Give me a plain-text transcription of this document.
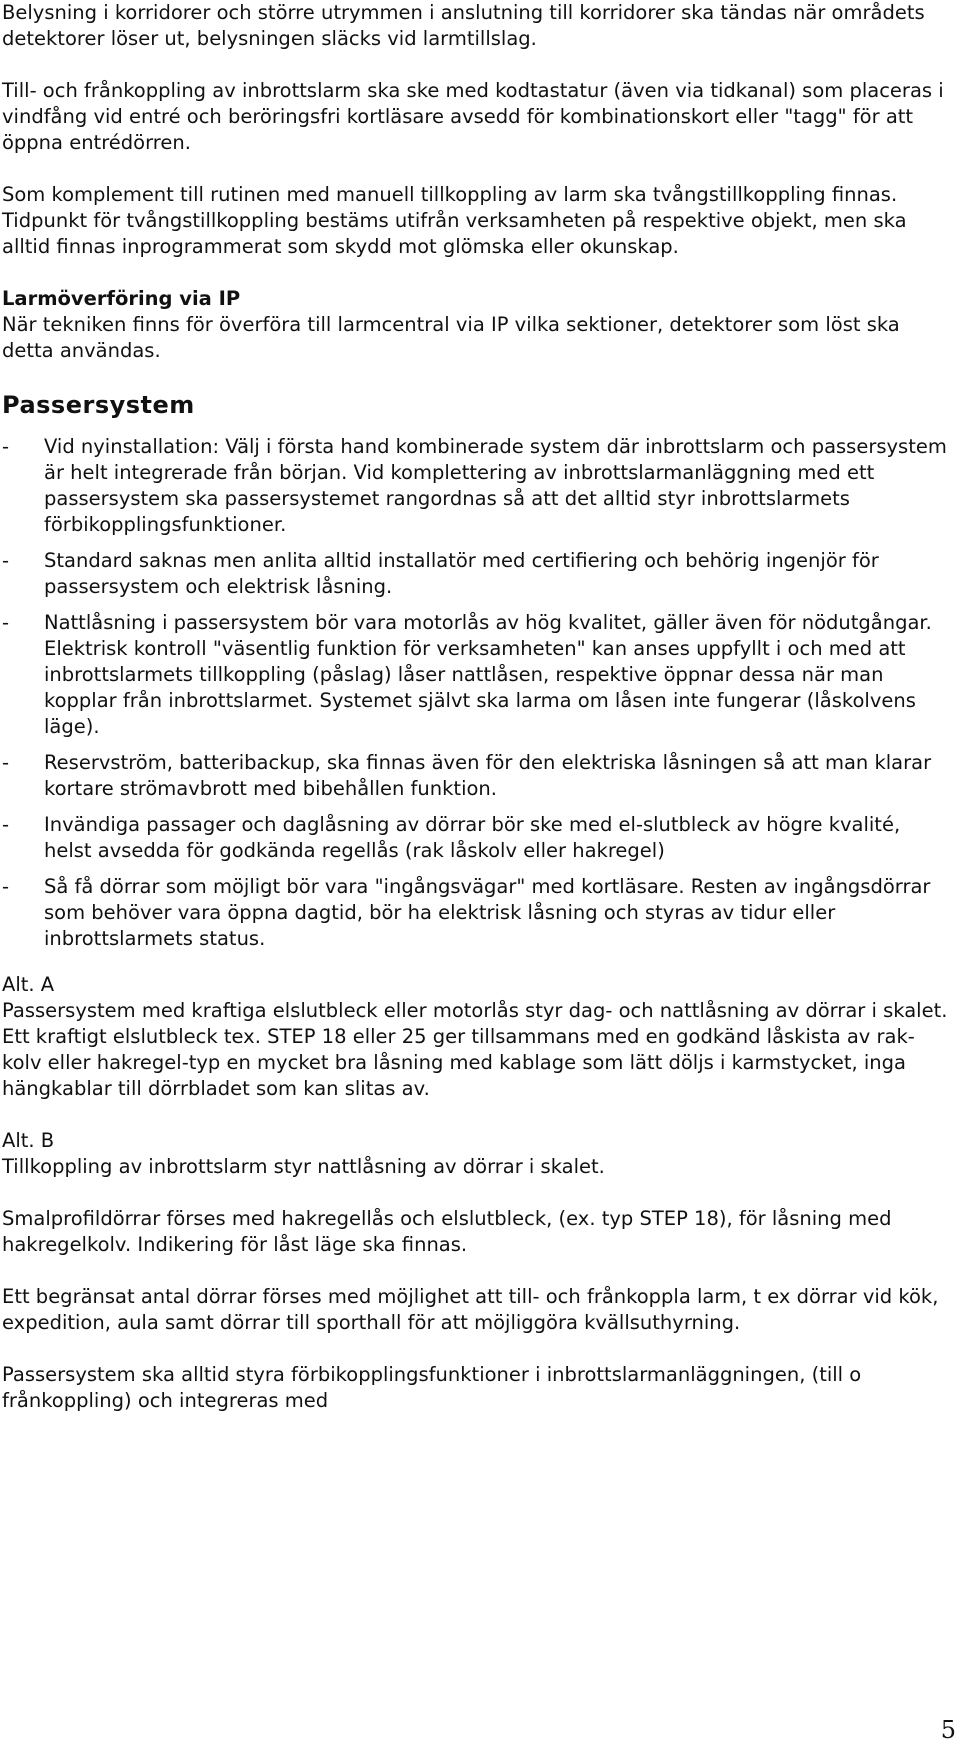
Belysning i korridorer och större utrymmen i anslutning till korridorer ska tändas när områdets detektorer löser ut, belysningen släcks vid larmtillslag.

Till- och frånkoppling av inbrottslarm ska ske med kodtastatur (även via tidkanal) som placeras i vindfång vid entré och beröringsfri kortläsare avsedd för kombinationskort eller "tagg" för att öppna entrédörren.

Som komplement till rutinen med manuell tillkoppling av larm ska tvångstillkoppling finnas. Tidpunkt för tvångstillkoppling bestäms utifrån verksamheten på respektive objekt, men ska alltid finnas inprogrammerat som skydd mot glömska eller okunskap.

Larmöverföring via IP

När tekniken finns för överföra till larmcentral via IP vilka sektioner, detektorer som löst ska detta användas.

Passersystem

- Vid nyinstallation: Välj i första hand kombinerade system där inbrottslarm och passersystem är helt integrerade från början. Vid komplettering av inbrottslarmanläggning med ett passersystem ska passersystemet rangordnas så att det alltid styr inbrottslarmets förbikopplingsfunktioner.
- Standard saknas men anlita alltid installatör med certifiering och behörig ingenjör för passersystem och elektrisk låsning.
- Nattlåsning i passersystem bör vara motorlås av hög kvalitet, gäller även för nödutgångar. Elektrisk kontroll "väsentlig funktion för verksamheten" kan anses uppfyllt i och med att inbrottslarmets tillkoppling (påslag) låser nattlåsen, respektive öppnar dessa när man kopplar från inbrottslarmet. Systemet självt ska larma om låsen inte fungerar (låskolvens läge).
- Reservström, batteribackup, ska finnas även för den elektriska låsningen så att man klarar kortare strömavbrott med bibehållen funktion.
- Invändiga passager och daglåsning av dörrar bör ske med el-slutbleck av högre kvalité, helst avsedda för godkända regellås (rak låskolv eller hakregel)
- Så få dörrar som möjligt bör vara "ingångsvägar" med kortläsare. Resten av ingångsdörrar som behöver vara öppna dagtid, bör ha elektrisk låsning och styras av tidur eller inbrottslarmets status.

Alt. A

Passersystem med kraftiga elslutbleck eller motorlås styr dag- och nattlåsning av dörrar i skalet. Ett kraftigt elslutbleck tex. STEP 18 eller 25 ger tillsammans med en godkänd låskista av rak-kolv eller hakregel-typ en mycket bra låsning med kablage som lätt döljs i karmstycket, inga hängkablar till dörrbladet som kan slitas av.

Alt. B

Tillkoppling av inbrottslarm styr nattlåsning av dörrar i skalet.

Smalprofildörrar förses med hakregellås och elslutbleck, (ex. typ STEP 18), för låsning med hakregelkolv. Indikering för låst läge ska finnas.

Ett begränsat antal dörrar förses med möjlighet att till- och frånkoppla larm, t ex dörrar vid kök, expedition, aula samt dörrar till sporthall för att möjliggöra kvällsuthyrning.

Passersystem ska alltid styra förbikopplingsfunktioner i inbrottslarmanläggningen, (till o frånkoppling) och integreras med

5
